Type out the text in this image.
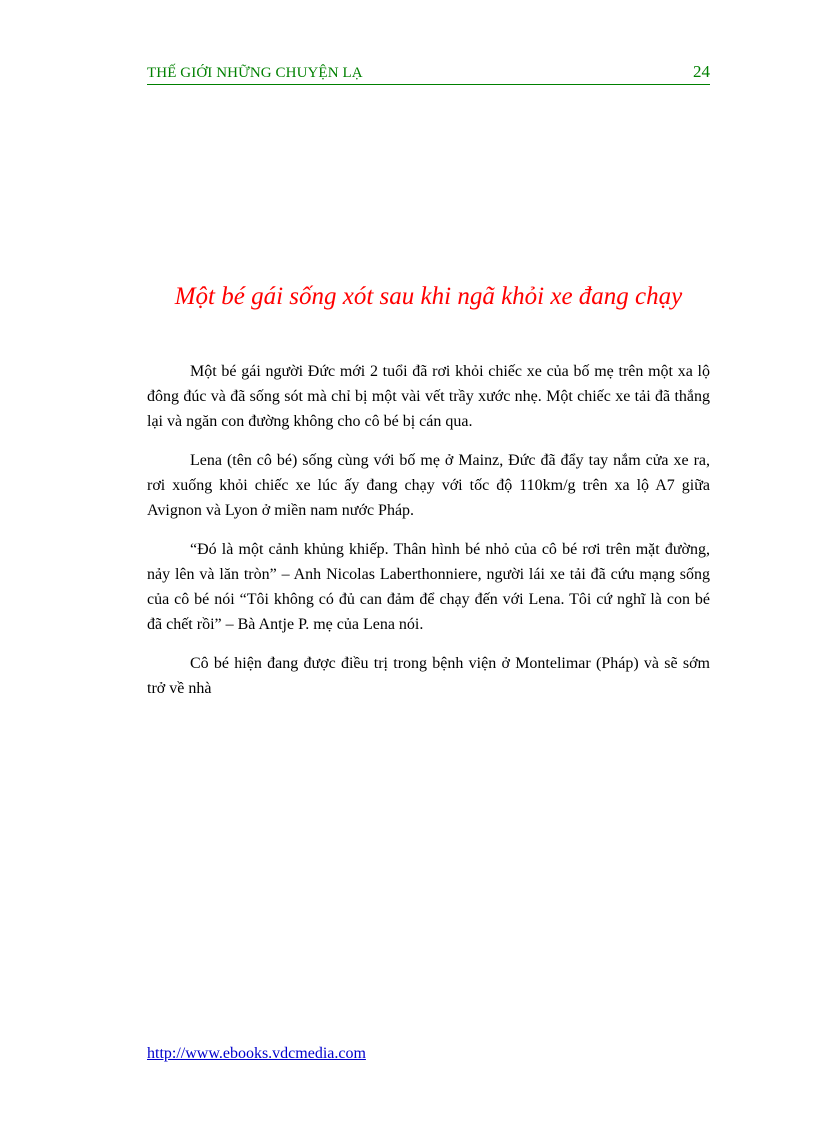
THẾ GIỚI NHỮNG CHUYỆN LẠ	24
Một bé gái sống xót sau khi ngã khỏi xe đang chạy

Một bé gái người Đức mới 2 tuổi đã rơi khỏi chiếc xe của bố mẹ trên một xa lộ đông đúc và đã sống sót mà chỉ bị một vài vết trầy xước nhẹ. Một chiếc xe tải đã thắng lại và ngăn con đường không cho cô bé bị cán qua.

Lena (tên cô bé) sống cùng với bố mẹ ở Mainz, Đức đã đẩy tay nắm cửa xe ra, rơi xuống khỏi chiếc xe lúc ấy đang chạy với tốc độ 110km/g trên xa lộ A7 giữa Avignon và Lyon ở miền nam nước Pháp.

“Đó là một cảnh khủng khiếp. Thân hình bé nhỏ của cô bé rơi trên mặt đường, nảy lên và lăn tròn” – Anh Nicolas Laberthonniere, người lái xe tải đã cứu mạng sống của cô bé nói “Tôi không có đủ can đảm để chạy đến với Lena. Tôi cứ nghĩ là con bé đã chết rồi” – Bà Antje P. mẹ của Lena nói.

Cô bé hiện đang được điều trị trong bệnh viện ở Montelimar (Pháp) và sẽ sớm trở về nhà

http://www.ebooks.vdcmedia.com
